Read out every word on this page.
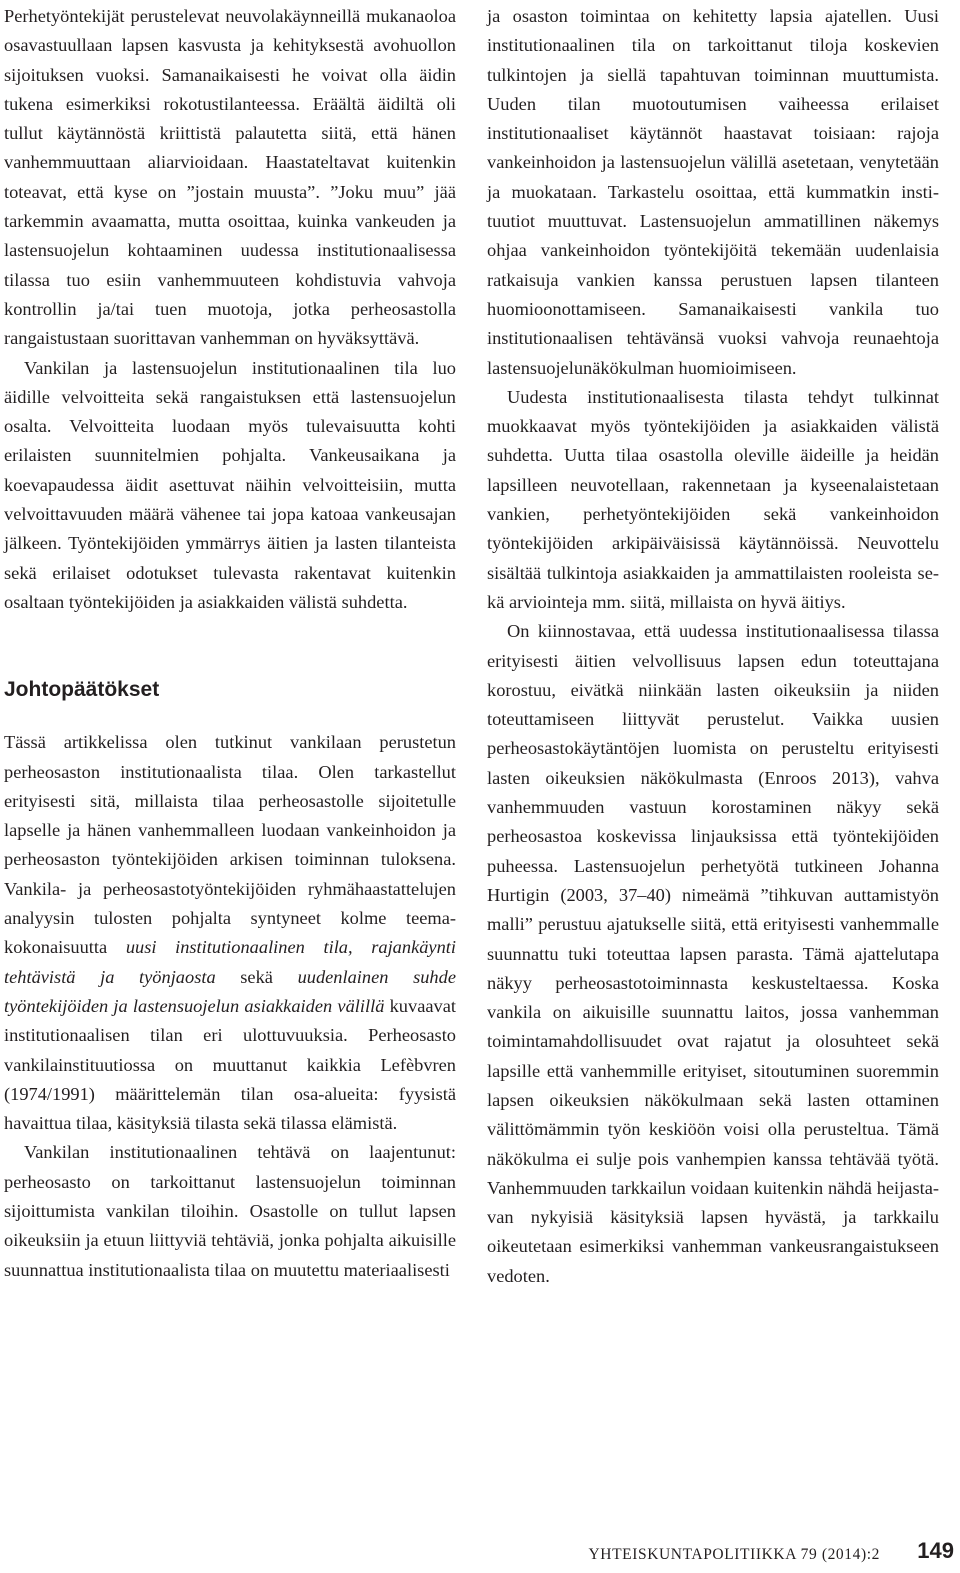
Perhetyöntekijät perustelevat neuvolakäynneillä mukanaoloa osavastuullaan lapsen kasvusta ja kehityksestä avohuollon sijoituksen vuoksi. Samanaikaisesti he voivat olla äidin tukena esimerkiksi rokotustilanteessa. Eräältä äidiltä oli tullut käytännöstä kriittistä palautetta siitä, että hänen vanhemmuuttaan aliarvioidaan. Haastateltavat kuitenkin toteavat, että kyse on ”jostain muusta”. ”Joku muu” jää tarkemmin avaamatta, mutta osoittaa, kuinka vankeuden ja lastensuojelun kohtaaminen uudessa institutionaalisessa tilassa tuo esiin vanhemmuuteen kohdistuvia vahvoja kontrollin ja/tai tuen muotoja, jotka perheosastolla rangaistustaan suorittavan vanhemman on hyväksyttävä.

Vankilan ja lastensuojelun institutionaalinen tila luo äidille velvoitteita sekä rangaistuksen että lastensuojelun osalta. Velvoitteita luodaan myös tulevaisuutta kohti erilaisten suunnitelmien pohjalta. Vankeusaikana ja koevapaudessa äidit asettuvat näihin velvoitteisiin, mutta velvoittavuuden määrä vähenee tai jopa katoaa vankeusajan jälkeen. Työntekijöiden ymmärrys äitien ja lasten tilanteista sekä erilaiset odotukset tulevasta rakentavat kuitenkin osaltaan työntekijöiden ja asiakkaiden välistä suhdetta.

Johtopäätökset

Tässä artikkelissa olen tutkinut vankilaan perustetun perheosaston institutionaalista tilaa. Olen tarkastellut erityisesti sitä, millaista tilaa perheosastolle sijoitetulle lapselle ja hänen vanhemmalleen luodaan vankeinhoidon ja perheosaston työntekijöiden arkisen toiminnan tuloksena. Vankila- ja perheosastotyöntekijöiden ryhmähaastattelujen analyysin tulosten pohjalta syntyneet kolme teemakokonaisuutta uusi institutionaalinen tila, rajankäynti tehtävistä ja työnjaosta sekä uudenlainen suhde työntekijöiden ja lastensuojelun asiakkaiden välillä kuvaavat institutionaalisen tilan eri ulottuvuuksia. Perheosasto vankilainstituutiossa on muuttanut kaikkia Lefèbvren (1974/1991) määrittelemän tilan osa-alueita: fyysistä havaittua tilaa, käsityksiä tilasta sekä tilassa elämistä.

Vankilan institutionaalinen tehtävä on laajentunut: perheosasto on tarkoittanut lastensuojelun toiminnan sijoittumista vankilan tiloihin. Osastolle on tullut lapsen oikeuksiin ja etuun liittyviä tehtäviä, jonka pohjalta aikuisille suunnattua institutionaalista tilaa on muutettu materiaalisesti

ja osaston toimintaa on kehitetty lapsia ajatellen. Uusi institutionaalinen tila on tarkoittanut tiloja koskevien tulkintojen ja siellä tapahtuvan toiminnan muuttumista. Uuden tilan muotoutumisen vaiheessa erilaiset institutionaaliset käytännöt haastavat toisiaan: rajoja vankeinhoidon ja lastensuojelun välillä asetetaan, venytetään ja muokataan. Tarkastelu osoittaa, että kummatkin instituutiot muuttuvat. Lastensuojelun ammatillinen näkemys ohjaa vankeinhoidon työntekijöitä tekemään uudenlaisia ratkaisuja vankien kanssa perustuen lapsen tilanteen huomioonottamiseen. Samanaikaisesti vankila tuo institutionaalisen tehtävänsä vuoksi vahvoja reunaehtoja lastensuojelunäkökulman huomioimiseen.

Uudesta institutionaalisesta tilasta tehdyt tulkinnat muokkaavat myös työntekijöiden ja asiakkaiden välistä suhdetta. Uutta tilaa osastolla oleville äideille ja heidän lapsilleen neuvotellaan, rakennetaan ja kyseenalaistetaan vankien, perhetyöntekijöiden sekä vankeinhoidon työntekijöiden arkipäiväisissä käytännöissä. Neuvottelu sisältää tulkintoja asiakkaiden ja ammattilaisten rooleista sekä arviointeja mm. siitä, millaista on hyvä äitiys.

On kiinnostavaa, että uudessa institutionaalisessa tilassa erityisesti äitien velvollisuus lapsen edun toteuttajana korostuu, eivätkä niinkään lasten oikeuksiin ja niiden toteuttamiseen liittyvät perustelut. Vaikka uusien perheosastokäytäntöjen luomista on perusteltu erityisesti lasten oikeuksien näkökulmasta (Enroos 2013), vahva vanhemmuuden vastuun korostaminen näkyy sekä perheosastoa koskevissa linjauksissa että työntekijöiden puheessa. Lastensuojelun perhetyötä tutkineen Johanna Hurtigin (2003, 37–40) nimeämä ”tihkuvan auttamistyön malli” perustuu ajatukselle siitä, että erityisesti vanhemmalle suunnattu tuki toteuttaa lapsen parasta. Tämä ajattelutapa näkyy perheosastotoiminnasta keskusteltaessa. Koska vankila on aikuisille suunnattu laitos, jossa vanhemman toimintamahdollisuudet ovat rajatut ja olosuhteet sekä lapsille että vanhemmille erityiset, sitoutuminen suoremmin lapsen oikeuksien näkökulmaan sekä lasten ottaminen välittömämmin työn keskiöön voisi olla perusteltua. Tämä näkökulma ei sulje pois vanhempien kanssa tehtävää työtä. Vanhemmuuden tarkkailun voidaan kuitenkin nähdä heijastavan nykyisiä käsityksiä lapsen hyvästä, ja tarkkailu oikeutetaan esimerkiksi vanhemman vankeusrangaistukseen vedoten.

YHTEISKUNTAPOLITIIKKA 79 (2014):2 149
